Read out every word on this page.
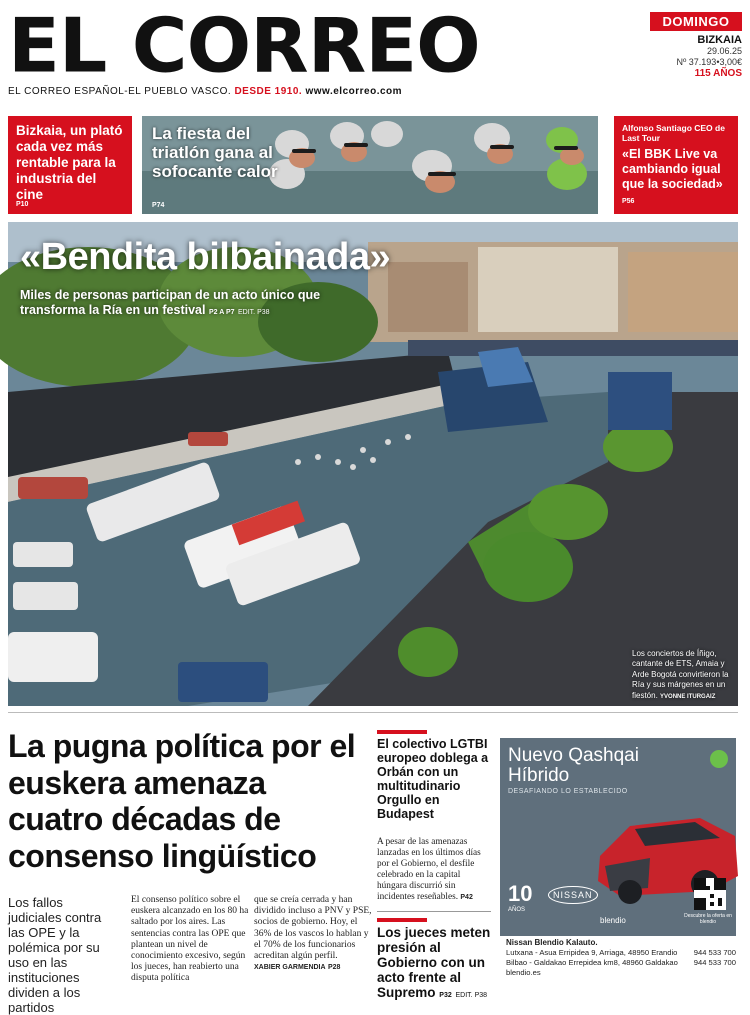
EL CORREO
EL CORREO ESPAÑOL-EL PUEBLO VASCO. DESDE 1910. www.elcorreo.com
DOMINGO
BIZKAIA
29.06.25
Nº 37.193•3,00€
115 AÑOS
Bizkaia, un plató cada vez más rentable para la industria del cine
P10
La fiesta del triatlón gana al sofocante calor
P74
Alfonso Santiago CEO de Last Tour
«El BBK Live va cambiando igual que la sociedad» P56
«Bendita bilbainada»
Miles de personas participan de un acto único que transforma la Ría en un festival P2 A P7 EDIT. P38
Los conciertos de Íñigo, cantante de ETS, Amaia y Arde Bogotá convirtieron la Ría y sus márgenes en un fiestón. YVONNE ITURGAIZ
La pugna política por el euskera amenaza cuatro décadas de consenso lingüístico
Los fallos judiciales contra las OPE y la polémica por su uso en las instituciones dividen a los partidos
El consenso político sobre el euskera alcanzado en los 80 ha saltado por los aires. Las sentencias contra las OPE que plantean un nivel de conocimiento excesivo, según los jueces, han reabierto una disputa política
que se creía cerrada y han dividido incluso a PNV y PSE, socios de gobierno. Hoy, el 36% de los vascos lo hablan y el 70% de los funcionarios acreditan algún perfil.
XABIER GARMENDIA P28
El colectivo LGTBI europeo doblega a Orbán con un multitudinario Orgullo en Budapest
A pesar de las amenazas lanzadas en los últimos días por el Gobierno, el desfile celebrado en la capital húngara discurrió sin incidentes reseñables. P42
Los jueces meten presión al Gobierno con un acto frente al Supremo P32 EDIT. P38
Nuevo Qashqai Híbrido
DESAFIANDO LO ESTABLECIDO
10
AÑOS
NISSAN
blendio	Descubre la oferta en blendio
Nissan Blendio Kalauto.
Lutxana - Asua Erripidea 9, Arriaga, 48950 Erandio 944 533 700
Bilbao - Galdakao Errepidea km8, 48960 Galdakao 944 533 700
blendio.es
